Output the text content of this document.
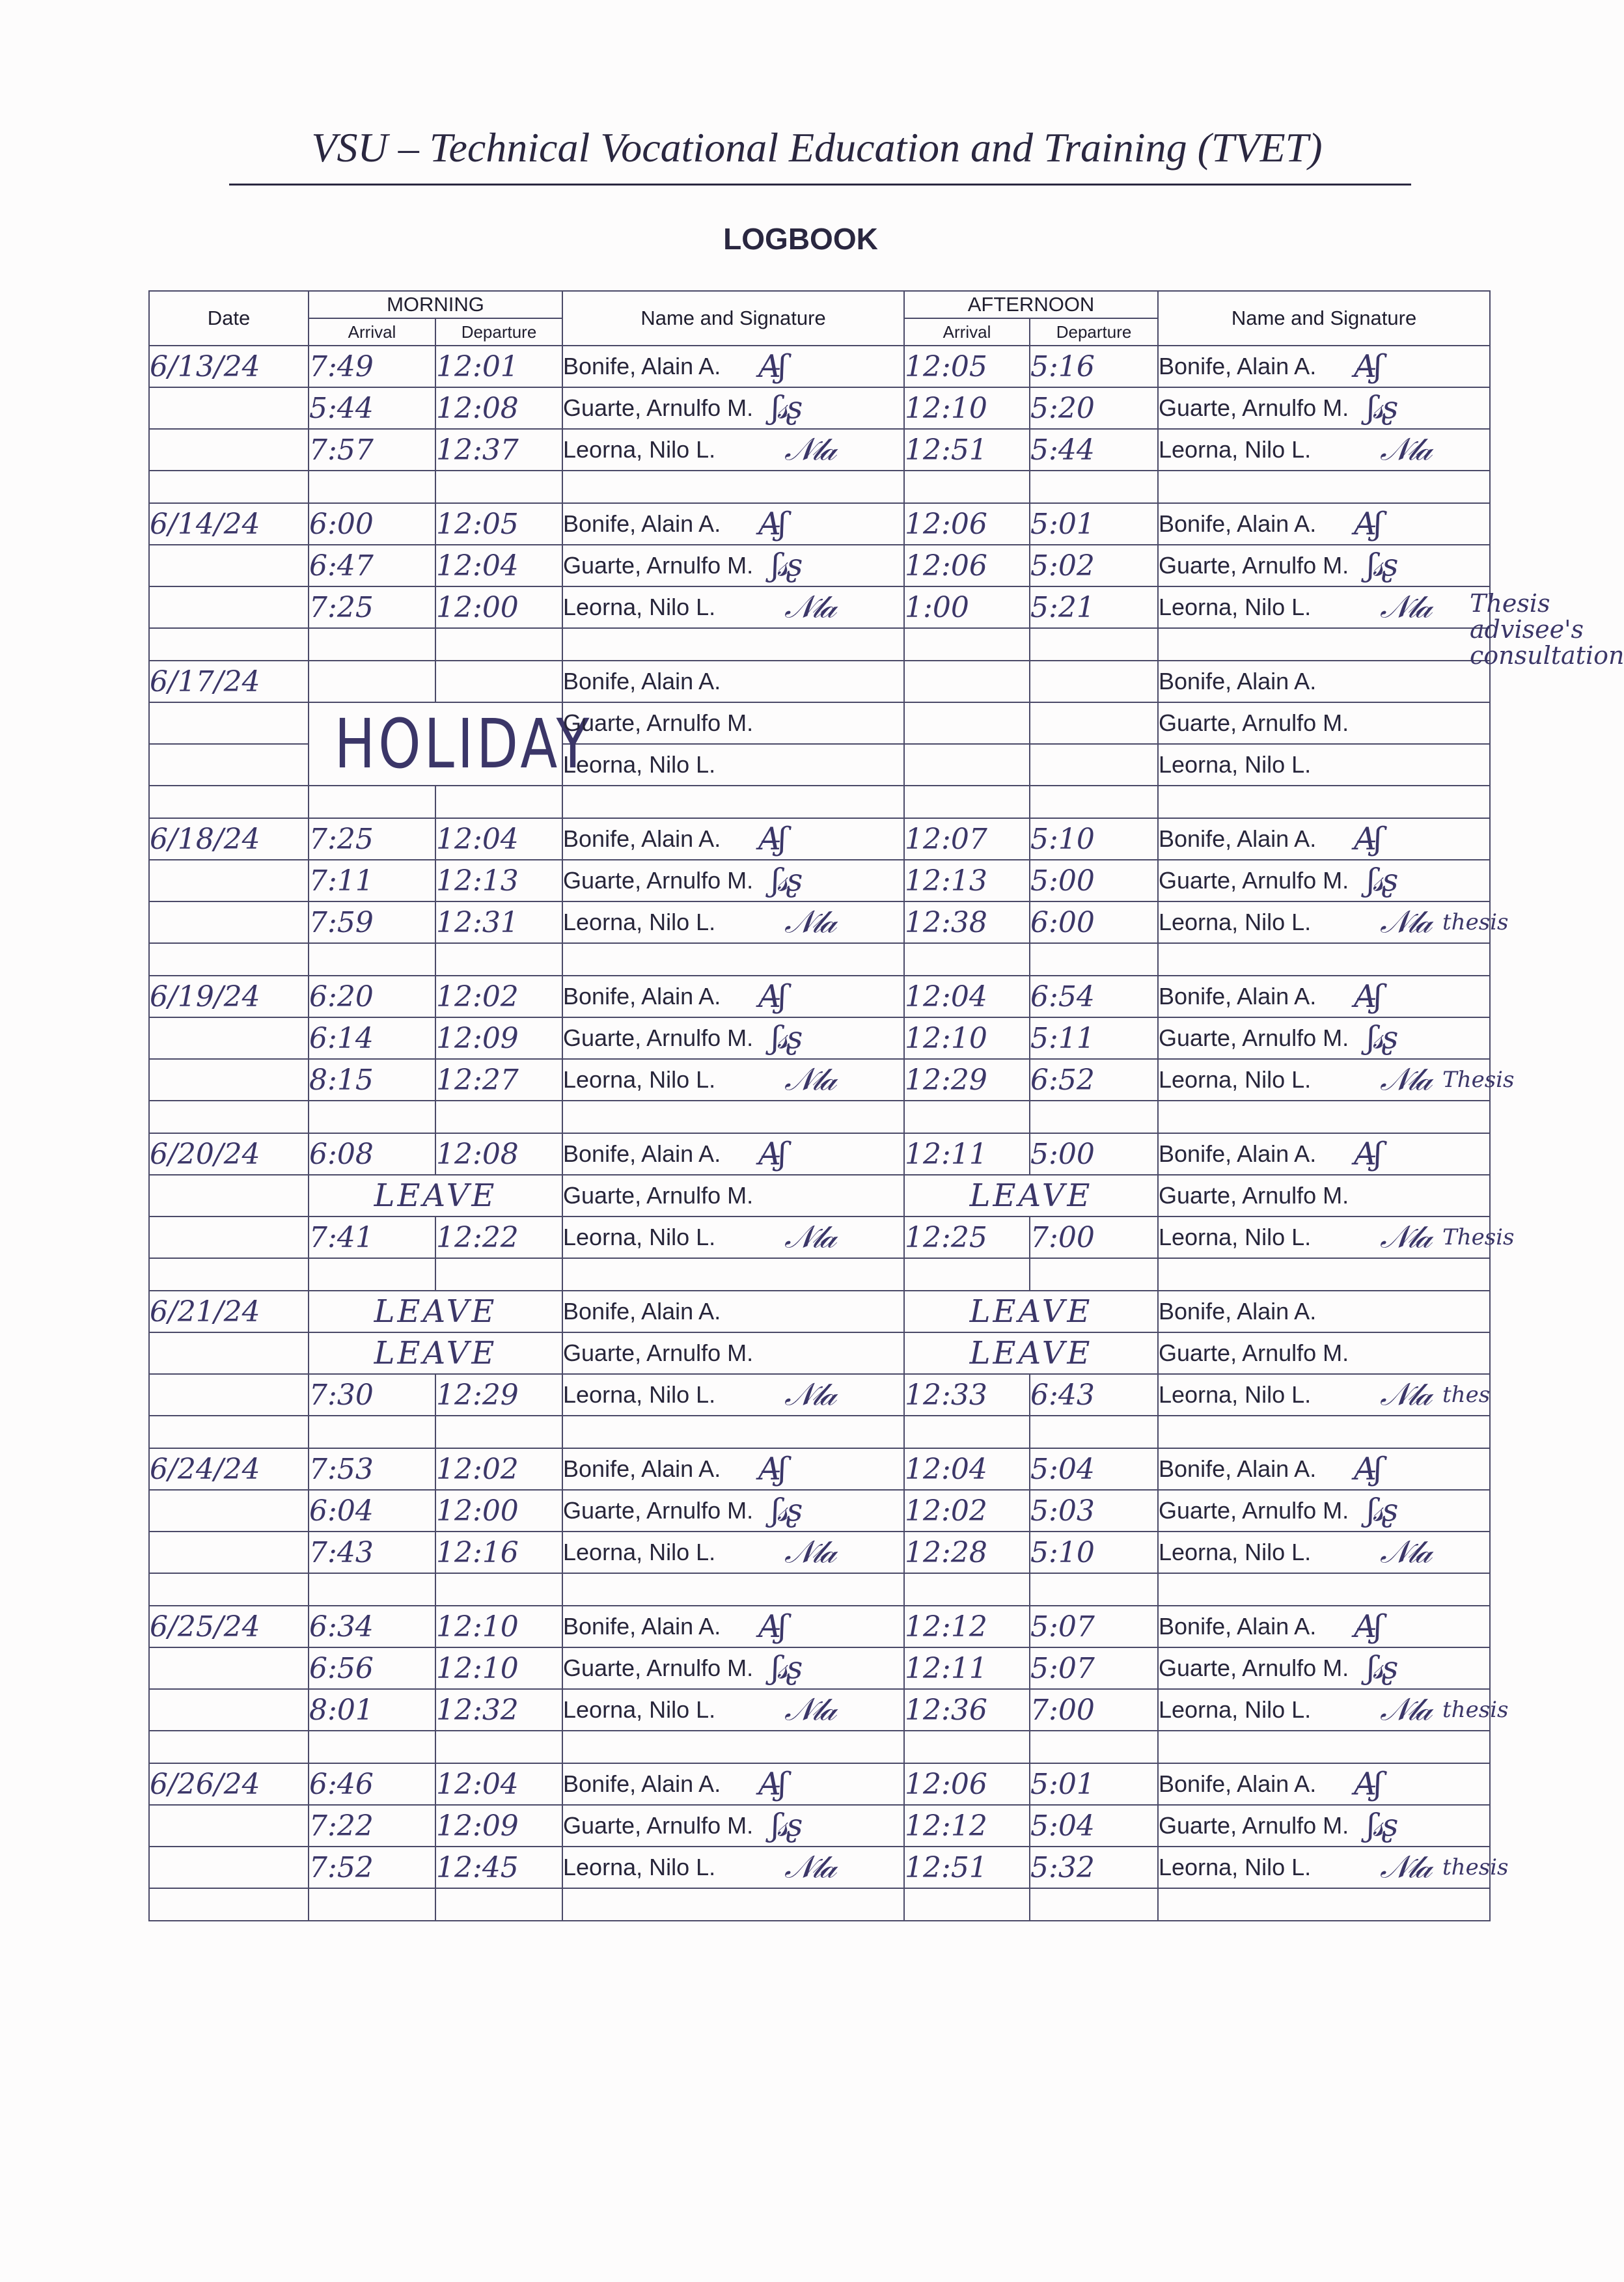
VSU – Technical Vocational Education and Training (TVET)
LOGBOOK
Date	MORNING		Name and Signature	AFTERNOON		Name and Signature
	Arrival	Departure		Arrival	Departure	
6/13/24	7:49	12:01	Bonife, Alain A. A̶ʃ	12:05	5:16	Bonife, Alain A. A̶ʃ

	5:44	12:08	Guarte, Arnulfo M. ʃ𝓈ʂ	12:10	5:20	Guarte, Arnulfo M. ʃ𝓈ʂ

	7:57	12:37	Leorna, Nilo L. 𝒩𝓁𝒶	12:51	5:44	Leorna, Nilo L. 𝒩𝓁𝒶

6/14/24	6:00	12:05	Bonife, Alain A. A̶ʃ	12:06	5:01	Bonife, Alain A. A̶ʃ

	6:47	12:04	Guarte, Arnulfo M. ʃ𝓈ʂ	12:06	5:02	Guarte, Arnulfo M. ʃ𝓈ʂ

	7:25	12:00	Leorna, Nilo L. 𝒩𝓁𝒶	1:00	5:21	Leorna, Nilo L. 𝒩𝓁𝒶

6/17/24			Bonife, Alain A.			Bonife, Alain A.
	HOLIDAY		Guarte, Arnulfo M.			Guarte, Arnulfo M.
			Leorna, Nilo L.			Leorna, Nilo L.

6/18/24	7:25	12:04	Bonife, Alain A. A̶ʃ	12:07	5:10	Bonife, Alain A. A̶ʃ

	7:11	12:13	Guarte, Arnulfo M. ʃ𝓈ʂ	12:13	5:00	Guarte, Arnulfo M. ʃ𝓈ʂ

	7:59	12:31	Leorna, Nilo L. 𝒩𝓁𝒶	12:38	6:00	Leorna, Nilo L. 𝒩𝓁𝒶 thesis

6/19/24	6:20	12:02	Bonife, Alain A. A̶ʃ	12:04	6:54	Bonife, Alain A. A̶ʃ

	6:14	12:09	Guarte, Arnulfo M. ʃ𝓈ʂ	12:10	5:11	Guarte, Arnulfo M. ʃ𝓈ʂ

	8:15	12:27	Leorna, Nilo L. 𝒩𝓁𝒶	12:29	6:52	Leorna, Nilo L. 𝒩𝓁𝒶 Thesis

6/20/24	6:08	12:08	Bonife, Alain A. A̶ʃ	12:11	5:00	Bonife, Alain A. A̶ʃ

	LEAVE		Guarte, Arnulfo M.	LEAVE		Guarte, Arnulfo M.
	7:41	12:22	Leorna, Nilo L. 𝒩𝓁𝒶	12:25	7:00	Leorna, Nilo L. 𝒩𝓁𝒶 Thesis

6/21/24	LEAVE		Bonife, Alain A.	LEAVE		Bonife, Alain A.
	LEAVE		Guarte, Arnulfo M.	LEAVE		Guarte, Arnulfo M.
	7:30	12:29	Leorna, Nilo L. 𝒩𝓁𝒶	12:33	6:43	Leorna, Nilo L. 𝒩𝓁𝒶 thes

6/24/24	7:53	12:02	Bonife, Alain A. A̶ʃ	12:04	5:04	Bonife, Alain A. A̶ʃ

	6:04	12:00	Guarte, Arnulfo M. ʃ𝓈ʂ	12:02	5:03	Guarte, Arnulfo M. ʃ𝓈ʂ

	7:43	12:16	Leorna, Nilo L. 𝒩𝓁𝒶	12:28	5:10	Leorna, Nilo L. 𝒩𝓁𝒶

6/25/24	6:34	12:10	Bonife, Alain A. A̶ʃ	12:12	5:07	Bonife, Alain A. A̶ʃ

	6:56	12:10	Guarte, Arnulfo M. ʃ𝓈ʂ	12:11	5:07	Guarte, Arnulfo M. ʃ𝓈ʂ

	8:01	12:32	Leorna, Nilo L. 𝒩𝓁𝒶	12:36	7:00	Leorna, Nilo L. 𝒩𝓁𝒶 thesis

6/26/24	6:46	12:04	Bonife, Alain A. A̶ʃ	12:06	5:01	Bonife, Alain A. A̶ʃ

	7:22	12:09	Guarte, Arnulfo M. ʃ𝓈ʂ	12:12	5:04	Guarte, Arnulfo M. ʃ𝓈ʂ

	7:52	12:45	Leorna, Nilo L. 𝒩𝓁𝒶	12:51	5:32	Leorna, Nilo L. 𝒩𝓁𝒶 thesis

Thesis advisee's consultation
